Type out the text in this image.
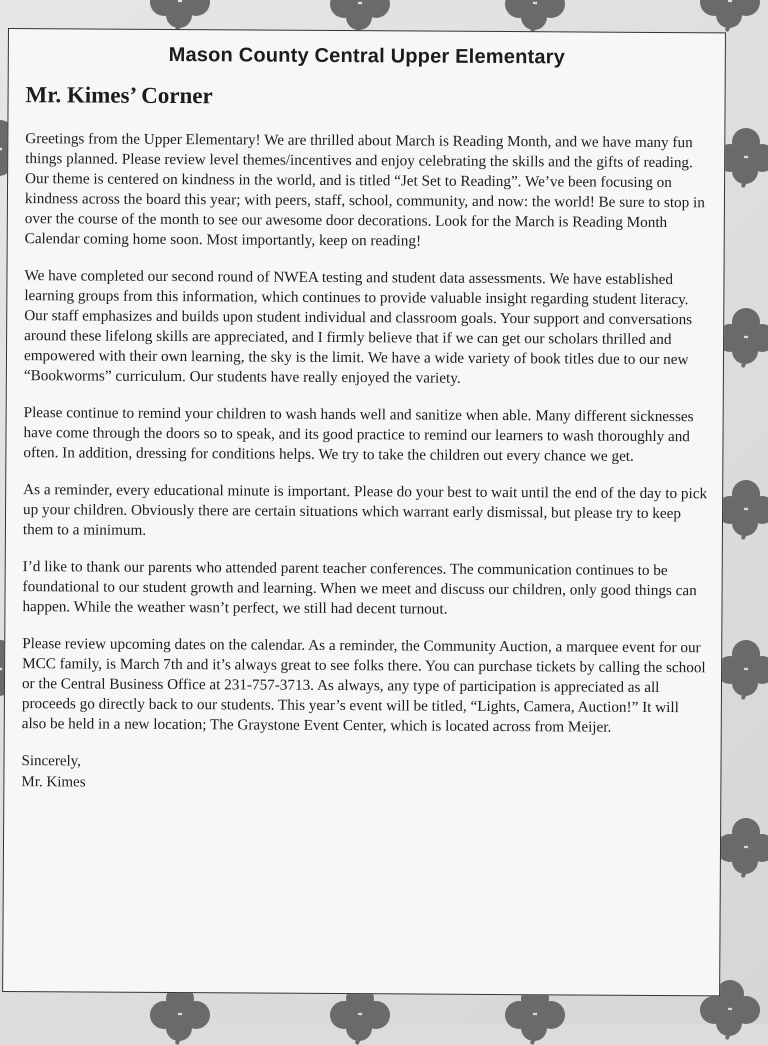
Mason County Central Upper Elementary
Mr. Kimes’ Corner

Greetings from the Upper Elementary! We are thrilled about March is Reading Month, and we have many fun things planned. Please review level themes/incentives and enjoy celebrating the skills and the gifts of reading. Our theme is centered on kindness in the world, and is titled “Jet Set to Reading”. We’ve been focusing on kindness across the board this year; with peers, staff, school, community, and now: the world! Be sure to stop in over the course of the month to see our awesome door decorations. Look for the March is Reading Month Calendar coming home soon. Most importantly, keep on reading!

We have completed our second round of NWEA testing and student data assessments. We have established learning groups from this information, which continues to provide valuable insight regarding student literacy. Our staff emphasizes and builds upon student individual and classroom goals. Your support and conversations around these lifelong skills are appreciated, and I firmly believe that if we can get our scholars thrilled and empowered with their own learning, the sky is the limit. We have a wide variety of book titles due to our new “Bookworms” curriculum. Our students have really enjoyed the variety.

Please continue to remind your children to wash hands well and sanitize when able. Many different sicknesses have come through the doors so to speak, and its good practice to remind our learners to wash thoroughly and often. In addition, dressing for conditions helps. We try to take the children out every chance we get.

As a reminder, every educational minute is important. Please do your best to wait until the end of the day to pick up your children. Obviously there are certain situations which warrant early dismissal, but please try to keep them to a minimum.

I’d like to thank our parents who attended parent teacher conferences. The communication continues to be foundational to our student growth and learning. When we meet and discuss our children, only good things can happen. While the weather wasn’t perfect, we still had decent turnout.

Please review upcoming dates on the calendar. As a reminder, the Community Auction, a marquee event for our MCC family, is March 7th and it’s always great to see folks there. You can purchase tickets by calling the school or the Central Business Office at 231-757-3713. As always, any type of participation is appreciated as all proceeds go directly back to our students. This year’s event will be titled, “Lights, Camera, Auction!” It will also be held in a new location; The Graystone Event Center, which is located across from Meijer.

Sincerely,
Mr. Kimes
